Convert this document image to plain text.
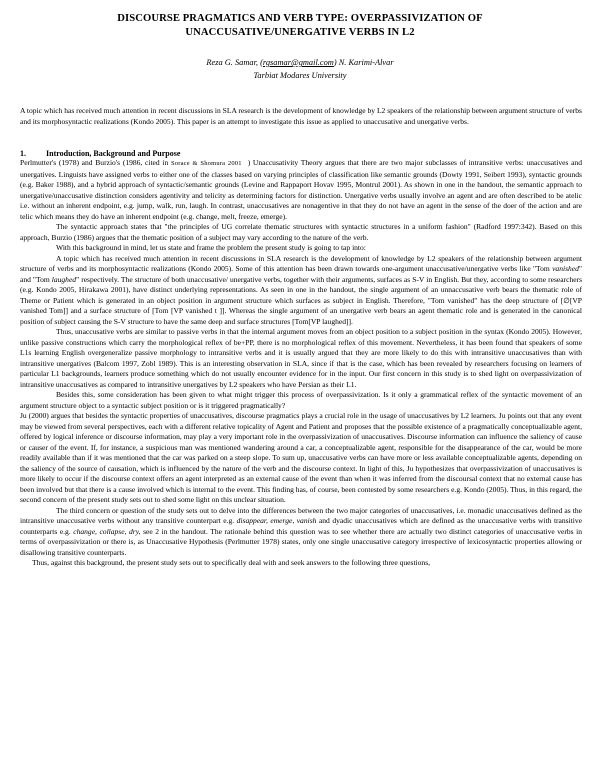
DISCOURSE PRAGMATICS AND VERB TYPE: OVERPASSIVIZATION OF
UNACCUSATIVE/UNERGATIVE VERBS IN L2
Reza G. Samar, (rgsamar@gmail.com) N. Karimi-Alvar
Tarbiat Modares University
A topic which has received much attention in recent discussions in SLA research is the development of knowledge by L2 speakers of the relationship between argument structure of verbs and its morphosyntactic realizations (Kondo 2005). This paper is an attempt to investigate this issue as applied to unaccusative and unergative verbs.
1.	Introduction, Background and Purpose

Perlmutter's (1978) and Burzio's (1986, cited in Sorace & Shomura 2001 ) Unaccusativity Theory argues that there are two major subclasses of intransitive verbs: unaccusatives and unergatives. Linguists have assigned verbs to either one of the classes based on varying principles of classification like semantic grounds (Dowty 1991, Seibert 1993), syntactic grounds (e.g. Baker 1988), and a hybrid approach of syntactic/semantic grounds (Levine and Rappaport Hovav 1995, Montrul 2001). As shown in one in the handout, the semantic approach to unergative/unaccusative distinction considers agentivity and telicity as determining factors for distinction. Unergative verbs usually involve an agent and are often described to be atelic i.e. without an inherent endpoint, e.g. jump, walk, run, laugh. In contrast, unaccusatives are nonagentive in that they do not have an agent in the sense of the doer of the action and are telic which means they do have an inherent endpoint (e.g. change, melt, freeze, emerge).

The syntactic approach states that "the principles of UG correlate thematic structures with syntactic structures in a uniform fashion" (Radford 1997:342). Based on this approach, Burzio (1986) argues that the thematic position of a subject may vary according to the nature of the verb.

With this background in mind, let us state and frame the problem the present study is going to tap into:

A topic which has received much attention in recent discussions in SLA research is the development of knowledge by L2 speakers of the relationship between argument structure of verbs and its morphosyntactic realizations (Kondo 2005). Some of this attention has been drawn towards one-argument unaccusative/unergative verbs like "Tom vanished" and "Tom laughed" respectively. The structure of both unaccusative/ unergative verbs, together with their arguments, surfaces as S-V in English. But they, according to some researchers (e.g. Kondo 2005, Hirakawa 2001), have distinct underlying representations. As seen in one in the handout, the single argument of an unnaccusative verb bears the thematic role of Theme or Patient which is generated in an object position in argument structure which surfaces as subject in English. Therefore, "Tom vanished" has the deep structure of [∅[VP vanished Tom]] and a surface structure of [Tom [VP vanished t ]]. Whereas the single argument of an unergative verb bears an agent thematic role and is generated in the canonical position of subject causing the S-V structure to have the same deep and surface structures [Tom[VP laughed]].

Thus, unaccusative verbs are similar to passive verbs in that the internal argument moves from an object position to a subject position in the syntax (Kondo 2005). However, unlike passive constructions which carry the morphological reflex of be+PP, there is no morphological reflex of this movement. Nevertheless, it has been found that speakers of some L1s learning English overgeneralize passive morphology to intransitive verbs and it is usually argued that they are more likely to do this with intransitive unaccusatives than with intransitive unergatives (Balcom 1997, Zobl 1989). This is an interesting observation in SLA, since if that is the case, which has been revealed by researchers focusing on learners of particular L1 backgrounds, learners produce something which do not usually encounter evidence for in the input. Our first concern in this study is to shed light on overpassivization of intransitive unaccusatives as compared to intransitive unergatives by L2 speakers who have Persian as their L1.

Besides this, some consideration has been given to what might trigger this process of overpassivization. Is it only a grammatical reflex of the syntactic movement of an argument structure object to a syntactic subject position or is it triggered pragmatically?

Ju (2000) argues that besides the syntactic properties of unaccusatives, discourse pragmatics plays a crucial role in the usage of unaccusatives by L2 learners. Ju points out that any event may be viewed from several perspectives, each with a different relative topicality of Agent and Patient and proposes that the possible existence of a pragmatically conceptualizable agent, offered by logical inference or discourse information, may play a very important role in the overpassivization of unaccusatives. Discourse information can influence the saliency of cause or causer of the event. If, for instance, a suspicious man was mentioned wandering around a car, a conceptualizable agent, responsible for the disappearance of the car, would be more readily available than if it was mentioned that the car was parked on a steep slope. To sum up, unaccusative verbs can have more or less available conceptualizable agents, depending on the saliency of the source of causation, which is influenced by the nature of the verb and the discourse context. In light of this, Ju hypothesizes that overpassivization of unaccusatives is more likely to occur if the discourse context offers an agent interpreted as an external cause of the event than when it was inferred from the discoursal context that no external cause has been involved but that there is a cause involved which is internal to the event. This finding has, of course, been contested by some researchers e.g. Kondo (2005). Thus, in this regard, the second concern of the present study sets out to shed some light on this unclear situation.

The third concern or question of the study sets out to delve into the differences between the two major categories of unaccusatives, i.e. monadic unaccusatives defined as the intransitive unaccusative verbs without any transitive counterpart e.g. disappear, emerge, vanish and dyadic unaccusatives which are defined as the unaccusative verbs with transitive counterparts e.g. change, collapse, dry, see 2 in the handout. The rationale behind this question was to see whether there are actually two distinct categories of unaccusative verbs in terms of overpassivization or there is, as Unaccusative Hypothesis (Perlmutter 1978) states, only one single unaccusative category irrespective of lexicosyntactic properties allowing or disallowing transitive counterparts.

Thus, against this background, the present study sets out to specifically deal with and seek answers to the following three questions,
